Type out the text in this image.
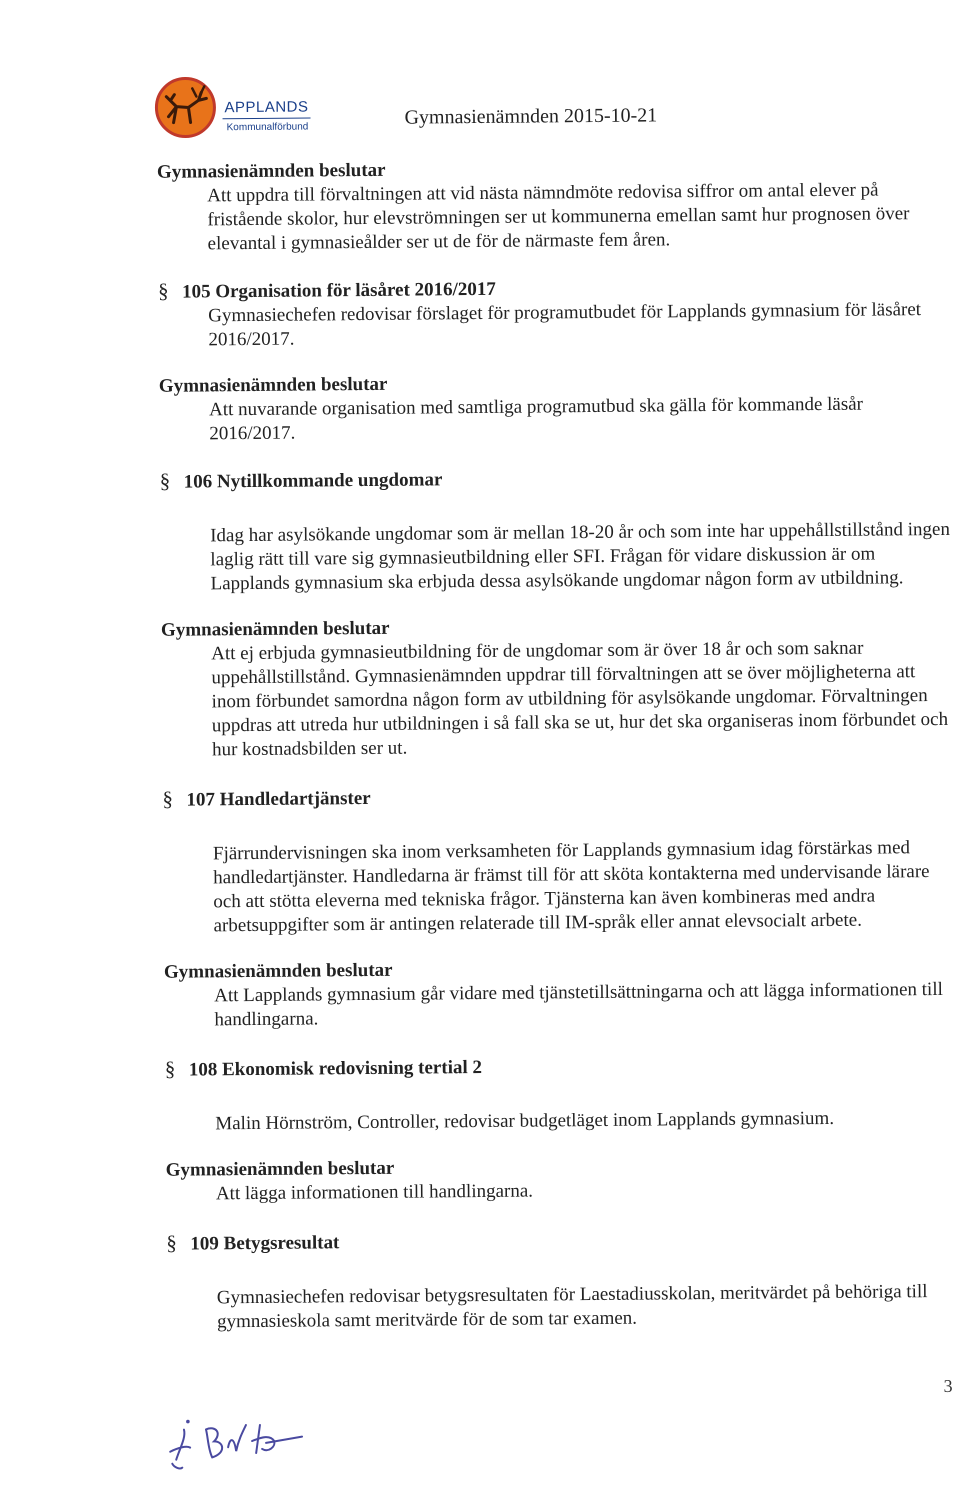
APPLANDS
Kommunalförbund	Gymnasienämnden 2015-10-21

Gymnasienämnden beslutar

Att uppdra till förvaltningen att vid nästa nämndmöte redovisa siffror om antal elever på fristående skolor, hur elevströmningen ser ut kommunerna emellan samt hur prognosen över elevantal i gymnasieålder ser ut de för de närmaste fem åren.

§ 105 Organisation för läsåret 2016/2017

Gymnasiechefen redovisar förslaget för programutbudet för Lapplands gymnasium för läsåret 2016/2017.

Gymnasienämnden beslutar

Att nuvarande organisation med samtliga programutbud ska gälla för kommande läsår 2016/2017.

§ 106 Nytillkommande ungdomar

Idag har asylsökande ungdomar som är mellan 18-20 år och som inte har uppehållstillstånd ingen laglig rätt till vare sig gymnasieutbildning eller SFI. Frågan för vidare diskussion är om Lapplands gymnasium ska erbjuda dessa asylsökande ungdomar någon form av utbildning.

Gymnasienämnden beslutar

Att ej erbjuda gymnasieutbildning för de ungdomar som är över 18 år och som saknar uppehållstillstånd. Gymnasienämnden uppdrar till förvaltningen att se över möjligheterna att inom förbundet samordna någon form av utbildning för asylsökande ungdomar. Förvaltningen uppdras att utreda hur utbildningen i så fall ska se ut, hur det ska organiseras inom förbundet och hur kostnadsbilden ser ut.

§ 107 Handledartjänster

Fjärrundervisningen ska inom verksamheten för Lapplands gymnasium idag förstärkas med handledartjänster. Handledarna är främst till för att sköta kontakterna med undervisande lärare och att stötta eleverna med tekniska frågor. Tjänsterna kan även kombineras med andra arbetsuppgifter som är antingen relaterade till IM-språk eller annat elevsocialt arbete.

Gymnasienämnden beslutar

Att Lapplands gymnasium går vidare med tjänstetillsättningarna och att lägga informationen till handlingarna.

§ 108 Ekonomisk redovisning tertial 2

Malin Hörnström, Controller, redovisar budgetläget inom Lapplands gymnasium.

Gymnasienämnden beslutar

Att lägga informationen till handlingarna.

§ 109 Betygsresultat

Gymnasiechefen redovisar betygsresultaten för Laestadiusskolan, meritvärdet på behöriga till gymnasieskola samt meritvärde för de som tar examen.

3
